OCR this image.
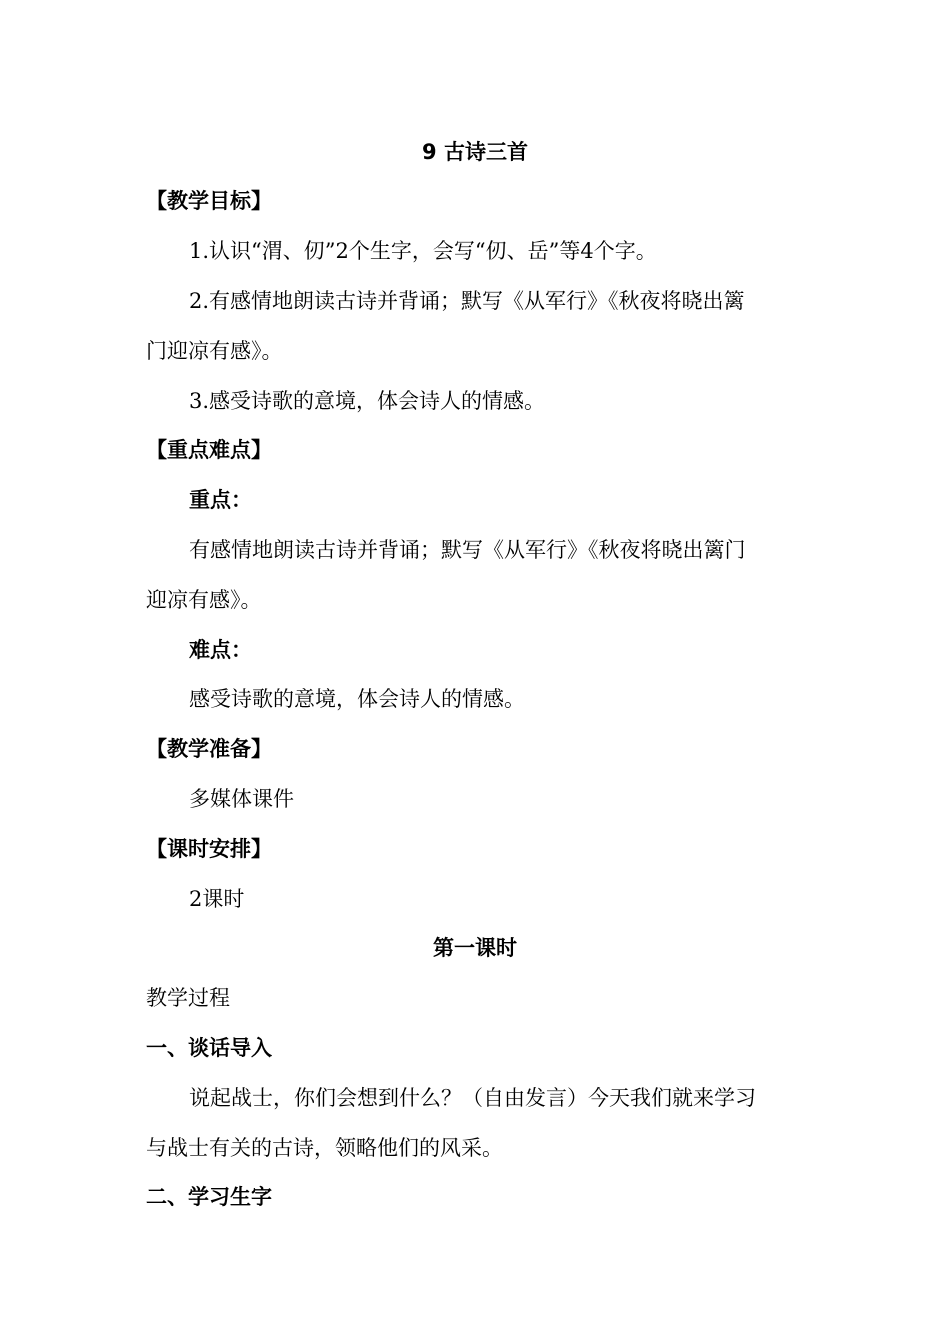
9 古诗三首
【教学目标】
1.认识“渭、仞”2个生字，会写“仞、岳”等4个字。
2.有感情地朗读古诗并背诵；默写《从军行》《秋夜将晓出篱
门迎凉有感》。
3.感受诗歌的意境，体会诗人的情感。
【重点难点】
重点：
有感情地朗读古诗并背诵；默写《从军行》《秋夜将晓出篱门
迎凉有感》。
难点：
感受诗歌的意境，体会诗人的情感。
【教学准备】
多媒体课件
【课时安排】
2课时
第一课时
教学过程
一、谈话导入
说起战士，你们会想到什么？（自由发言）今天我们就来学习
与战士有关的古诗，领略他们的风采。
二、学习生字
